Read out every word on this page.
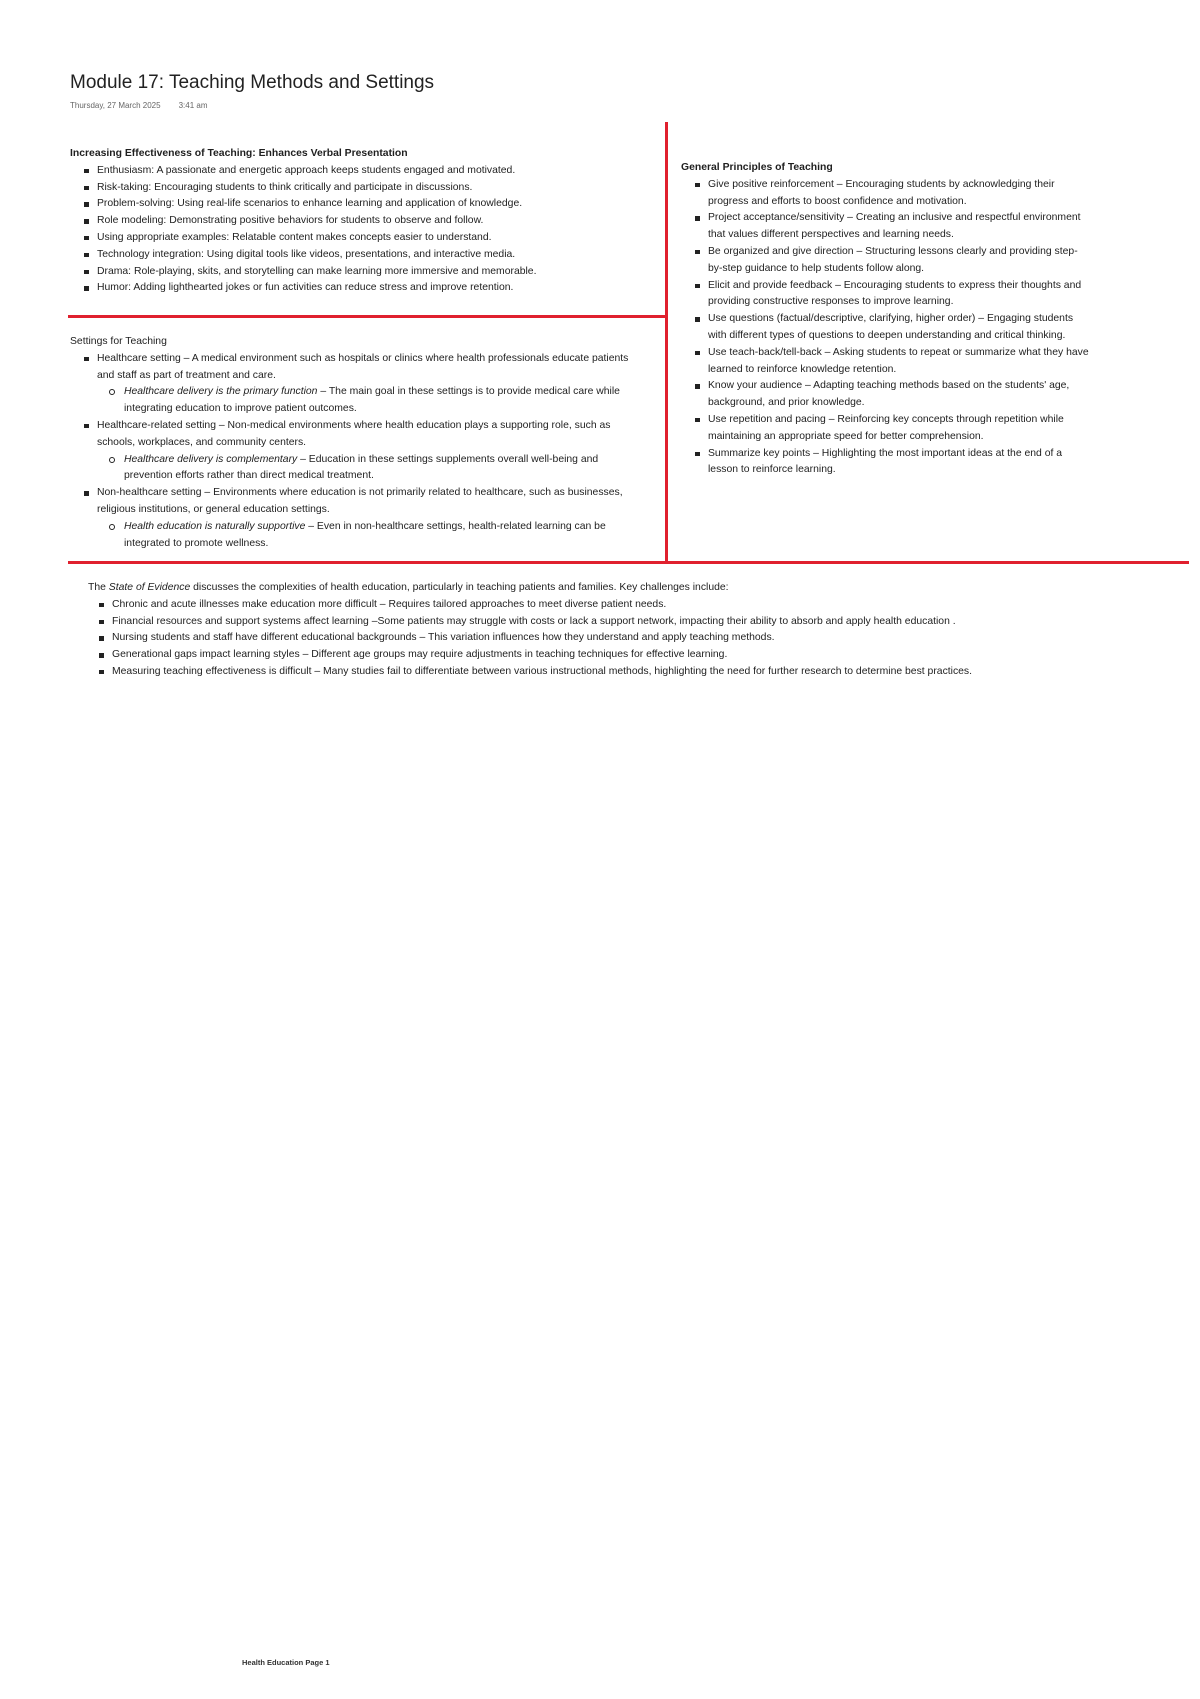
Module 17: Teaching Methods and Settings
Thursday, 27 March 2025 3:41 am
Increasing Effectiveness of Teaching: Enhances Verbal Presentation
Enthusiasm: A passionate and energetic approach keeps students engaged and motivated.
Risk-taking: Encouraging students to think critically and participate in discussions.
Problem-solving: Using real-life scenarios to enhance learning and application of knowledge.
Role modeling: Demonstrating positive behaviors for students to observe and follow.
Using appropriate examples: Relatable content makes concepts easier to understand.
Technology integration: Using digital tools like videos, presentations, and interactive media.
Drama: Role-playing, skits, and storytelling can make learning more immersive and memorable.
Humor: Adding lighthearted jokes or fun activities can reduce stress and improve retention.
Settings for Teaching
Healthcare setting – A medical environment such as hospitals or clinics where health professionals educate patients and staff as part of treatment and care.
Healthcare delivery is the primary function – The main goal in these settings is to provide medical care while integrating education to improve patient outcomes.
Healthcare-related setting – Non-medical environments where health education plays a supporting role, such as schools, workplaces, and community centers.
Healthcare delivery is complementary – Education in these settings supplements overall well-being and prevention efforts rather than direct medical treatment.
Non-healthcare setting – Environments where education is not primarily related to healthcare, such as businesses, religious institutions, or general education settings.
Health education is naturally supportive – Even in non-healthcare settings, health-related learning can be integrated to promote wellness.
General Principles of Teaching
Give positive reinforcement – Encouraging students by acknowledging their progress and efforts to boost confidence and motivation.
Project acceptance/sensitivity – Creating an inclusive and respectful environment that values different perspectives and learning needs.
Be organized and give direction – Structuring lessons clearly and providing step-by-step guidance to help students follow along.
Elicit and provide feedback – Encouraging students to express their thoughts and providing constructive responses to improve learning.
Use questions (factual/descriptive, clarifying, higher order) – Engaging students with different types of questions to deepen understanding and critical thinking.
Use teach-back/tell-back – Asking students to repeat or summarize what they have learned to reinforce knowledge retention.
Know your audience – Adapting teaching methods based on the students' age, background, and prior knowledge.
Use repetition and pacing – Reinforcing key concepts through repetition while maintaining an appropriate speed for better comprehension.
Summarize key points – Highlighting the most important ideas at the end of a lesson to reinforce learning.
The State of Evidence discusses the complexities of health education, particularly in teaching patients and families. Key challenges include:
Chronic and acute illnesses make education more difficult – Requires tailored approaches to meet diverse patient needs.
Financial resources and support systems affect learning –Some patients may struggle with costs or lack a support network, impacting their ability to absorb and apply health education .
Nursing students and staff have different educational backgrounds – This variation influences how they understand and apply teaching methods.
Generational gaps impact learning styles – Different age groups may require adjustments in teaching techniques for effective learning.
Measuring teaching effectiveness is difficult – Many studies fail to differentiate between various instructional methods, highlighting the need for further research to determine best practices.
Health Education Page 1
